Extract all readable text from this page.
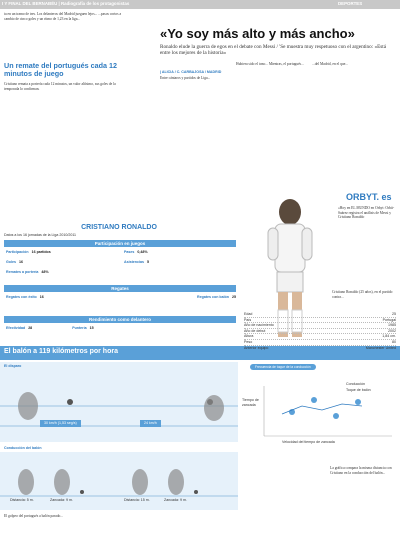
I Y FINAL DEL BERNABÉU | Radiografía de los protagonistas	DEPORTES
ta en un tramo de tres. Los delanteros del Madrid jueguen lejos... ...pasos cortos a cambio de cinco goles y un ritmo de 1,23 en la liga...
«Yo soy más alto y más ancho»
Ronaldo elude la guerra de egos en el debate con Messi / 'Se muestra muy respetuoso con el argentino: «Está entre los mejores de la historia»
Un remate del portugués cada 12 minutos de juego
Cristiano remata a portería cada 12 minutos, un valor altísimo, sus goles de la temporada lo confirman.
| ALICIA / C. CARBAJOSA / MADRID
Entre cántaros y partidos de Liga...
Hubiera sido el tono... Mientras, el portugués...	...del Madrid, en el que...
ORBYT. es
»Hoy en EL MUNDO en Orbyt: Orbit-Suárez registra el análisis de Messi y Cristiano Ronaldo
CRISTIANO RONALDO
Datos a los 16 jornadas de la Liga 2010/2011
Participación en juegos
Participación 16 partidos
Goles 16
Remates a portería 48%
Pases 0,48%
Asistencias 5
Regates
Regates con éxito 16	Regates con balón 25
Rendimiento como delantero
Efectividad 28	Puntería 15
El balón a 119 kilómetros por hora
El disparo
30 km/h (1,53 seg/s)	24 km/h
Frecuencia de toque de la conducción
Conducción
Toque de balón
Tiempo de zancada
Velocidad del tiempo de zancada
Conducción del balón
Distancia: 5 m.	Zancada: 9 m.	Distancia: 15 m.	Zancada: 9 m.
El golpeo del portugués a balón parado...
Cristiano Ronaldo (25 años), en el partido contra...
Edad	25
País	Portugal
Año de nacimiento	1985
Año de debut	2002
Altura	1,84 cm.
Peso	80
Anterior equipo	Manchester United
La gráfica compara la misma distancia con Cristiano en la conducción del balón...
